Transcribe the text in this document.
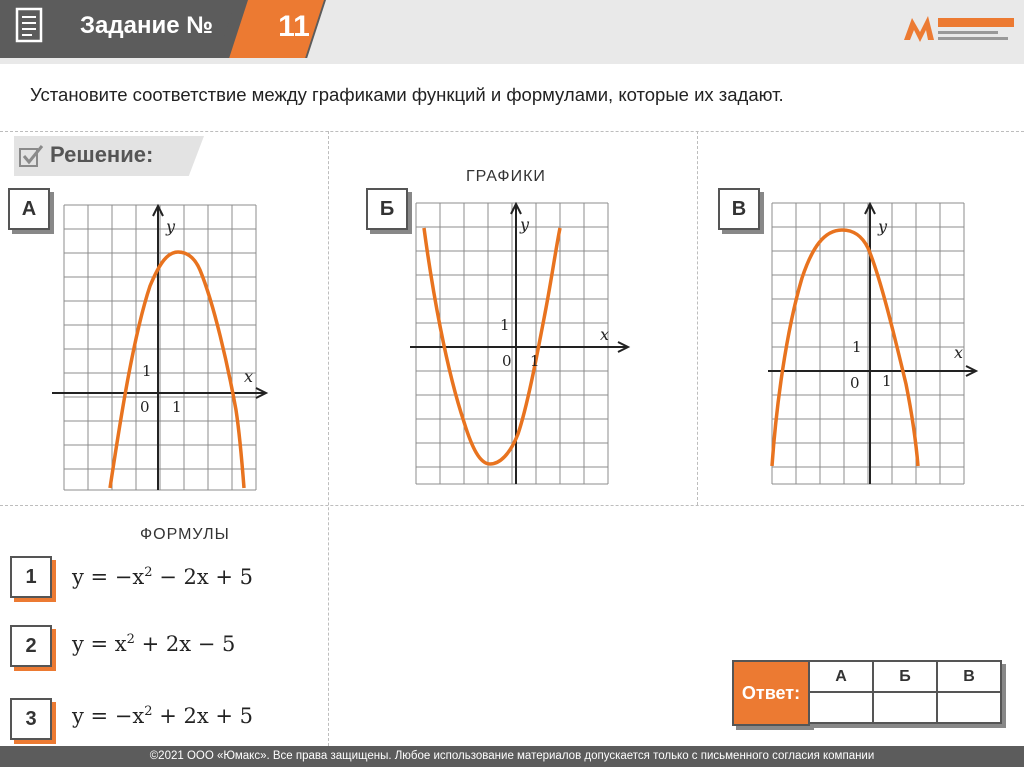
Задание №	11
Установите соответствие между графиками функций и формулами, которые их задают.
Решение:
ГРАФИКИ
ФОРМУЛЫ
А	Б	В
y
x
0 1
1
y
x
0 1
1
y
x
0 1
1
1	$y = -x^2 - 2x + 5$
2	$y = x^2 + 2x - 5$
3	$y = -x^2 + 2x + 5$
Ответ:
А	Б	В

©2021 ООО «Юмакс». Все права защищены. Любое использование материалов допускается только с письменного согласия компании
